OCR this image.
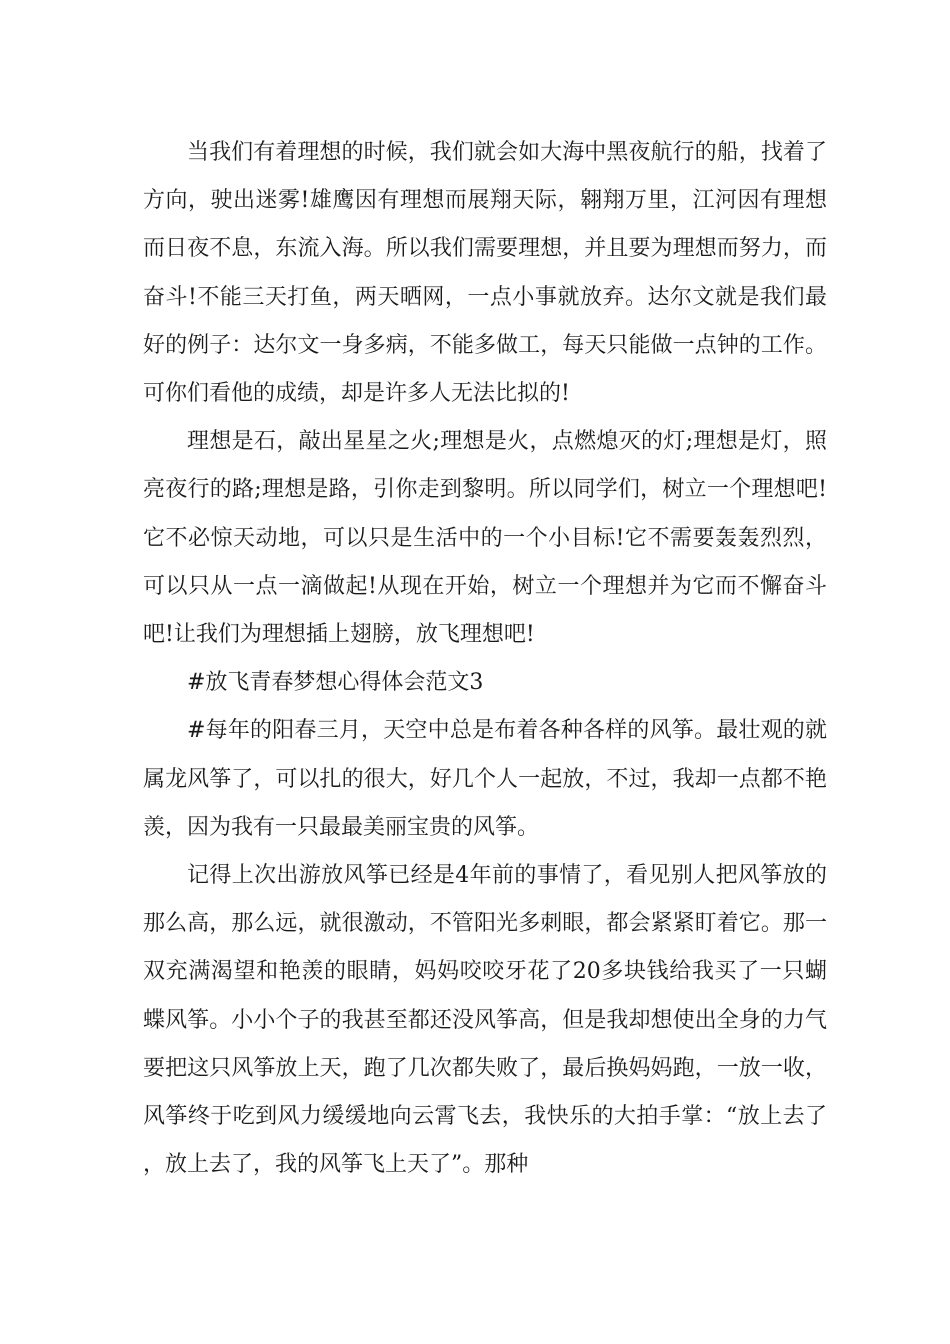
当我们有着理想的时候，我们就会如大海中黑夜航行的船，找着了方向，驶出迷雾!雄鹰因有理想而展翔天际，翱翔万里，江河因有理想而日夜不息，东流入海。所以我们需要理想，并且要为理想而努力，而奋斗!不能三天打鱼，两天晒网，一点小事就放弃。达尔文就是我们最好的例子：达尔文一身多病，不能多做工，每天只能做一点钟的工作。可你们看他的成绩，却是许多人无法比拟的!

理想是石，敲出星星之火;理想是火，点燃熄灭的灯;理想是灯，照亮夜行的路;理想是路，引你走到黎明。所以同学们，树立一个理想吧!它不必惊天动地，可以只是生活中的一个小目标!它不需要轰轰烈烈，可以只从一点一滴做起!从现在开始，树立一个理想并为它而不懈奋斗吧!让我们为理想插上翅膀，放飞理想吧!

#放飞青春梦想心得体会范文3

#每年的阳春三月，天空中总是布着各种各样的风筝。最壮观的就属龙风筝了，可以扎的很大，好几个人一起放，不过，我却一点都不艳羡，因为我有一只最最美丽宝贵的风筝。

记得上次出游放风筝已经是4年前的事情了，看见别人把风筝放的那么高，那么远，就很激动，不管阳光多刺眼，都会紧紧盯着它。那一双充满渴望和艳羡的眼睛，妈妈咬咬牙花了20多块钱给我买了一只蝴蝶风筝。小小个子的我甚至都还没风筝高，但是我却想使出全身的力气要把这只风筝放上天，跑了几次都失败了，最后换妈妈跑，一放一收，风筝终于吃到风力缓缓地向云霄飞去，我快乐的大拍手掌：“放上去了，放上去了，我的风筝飞上天了”。那种
